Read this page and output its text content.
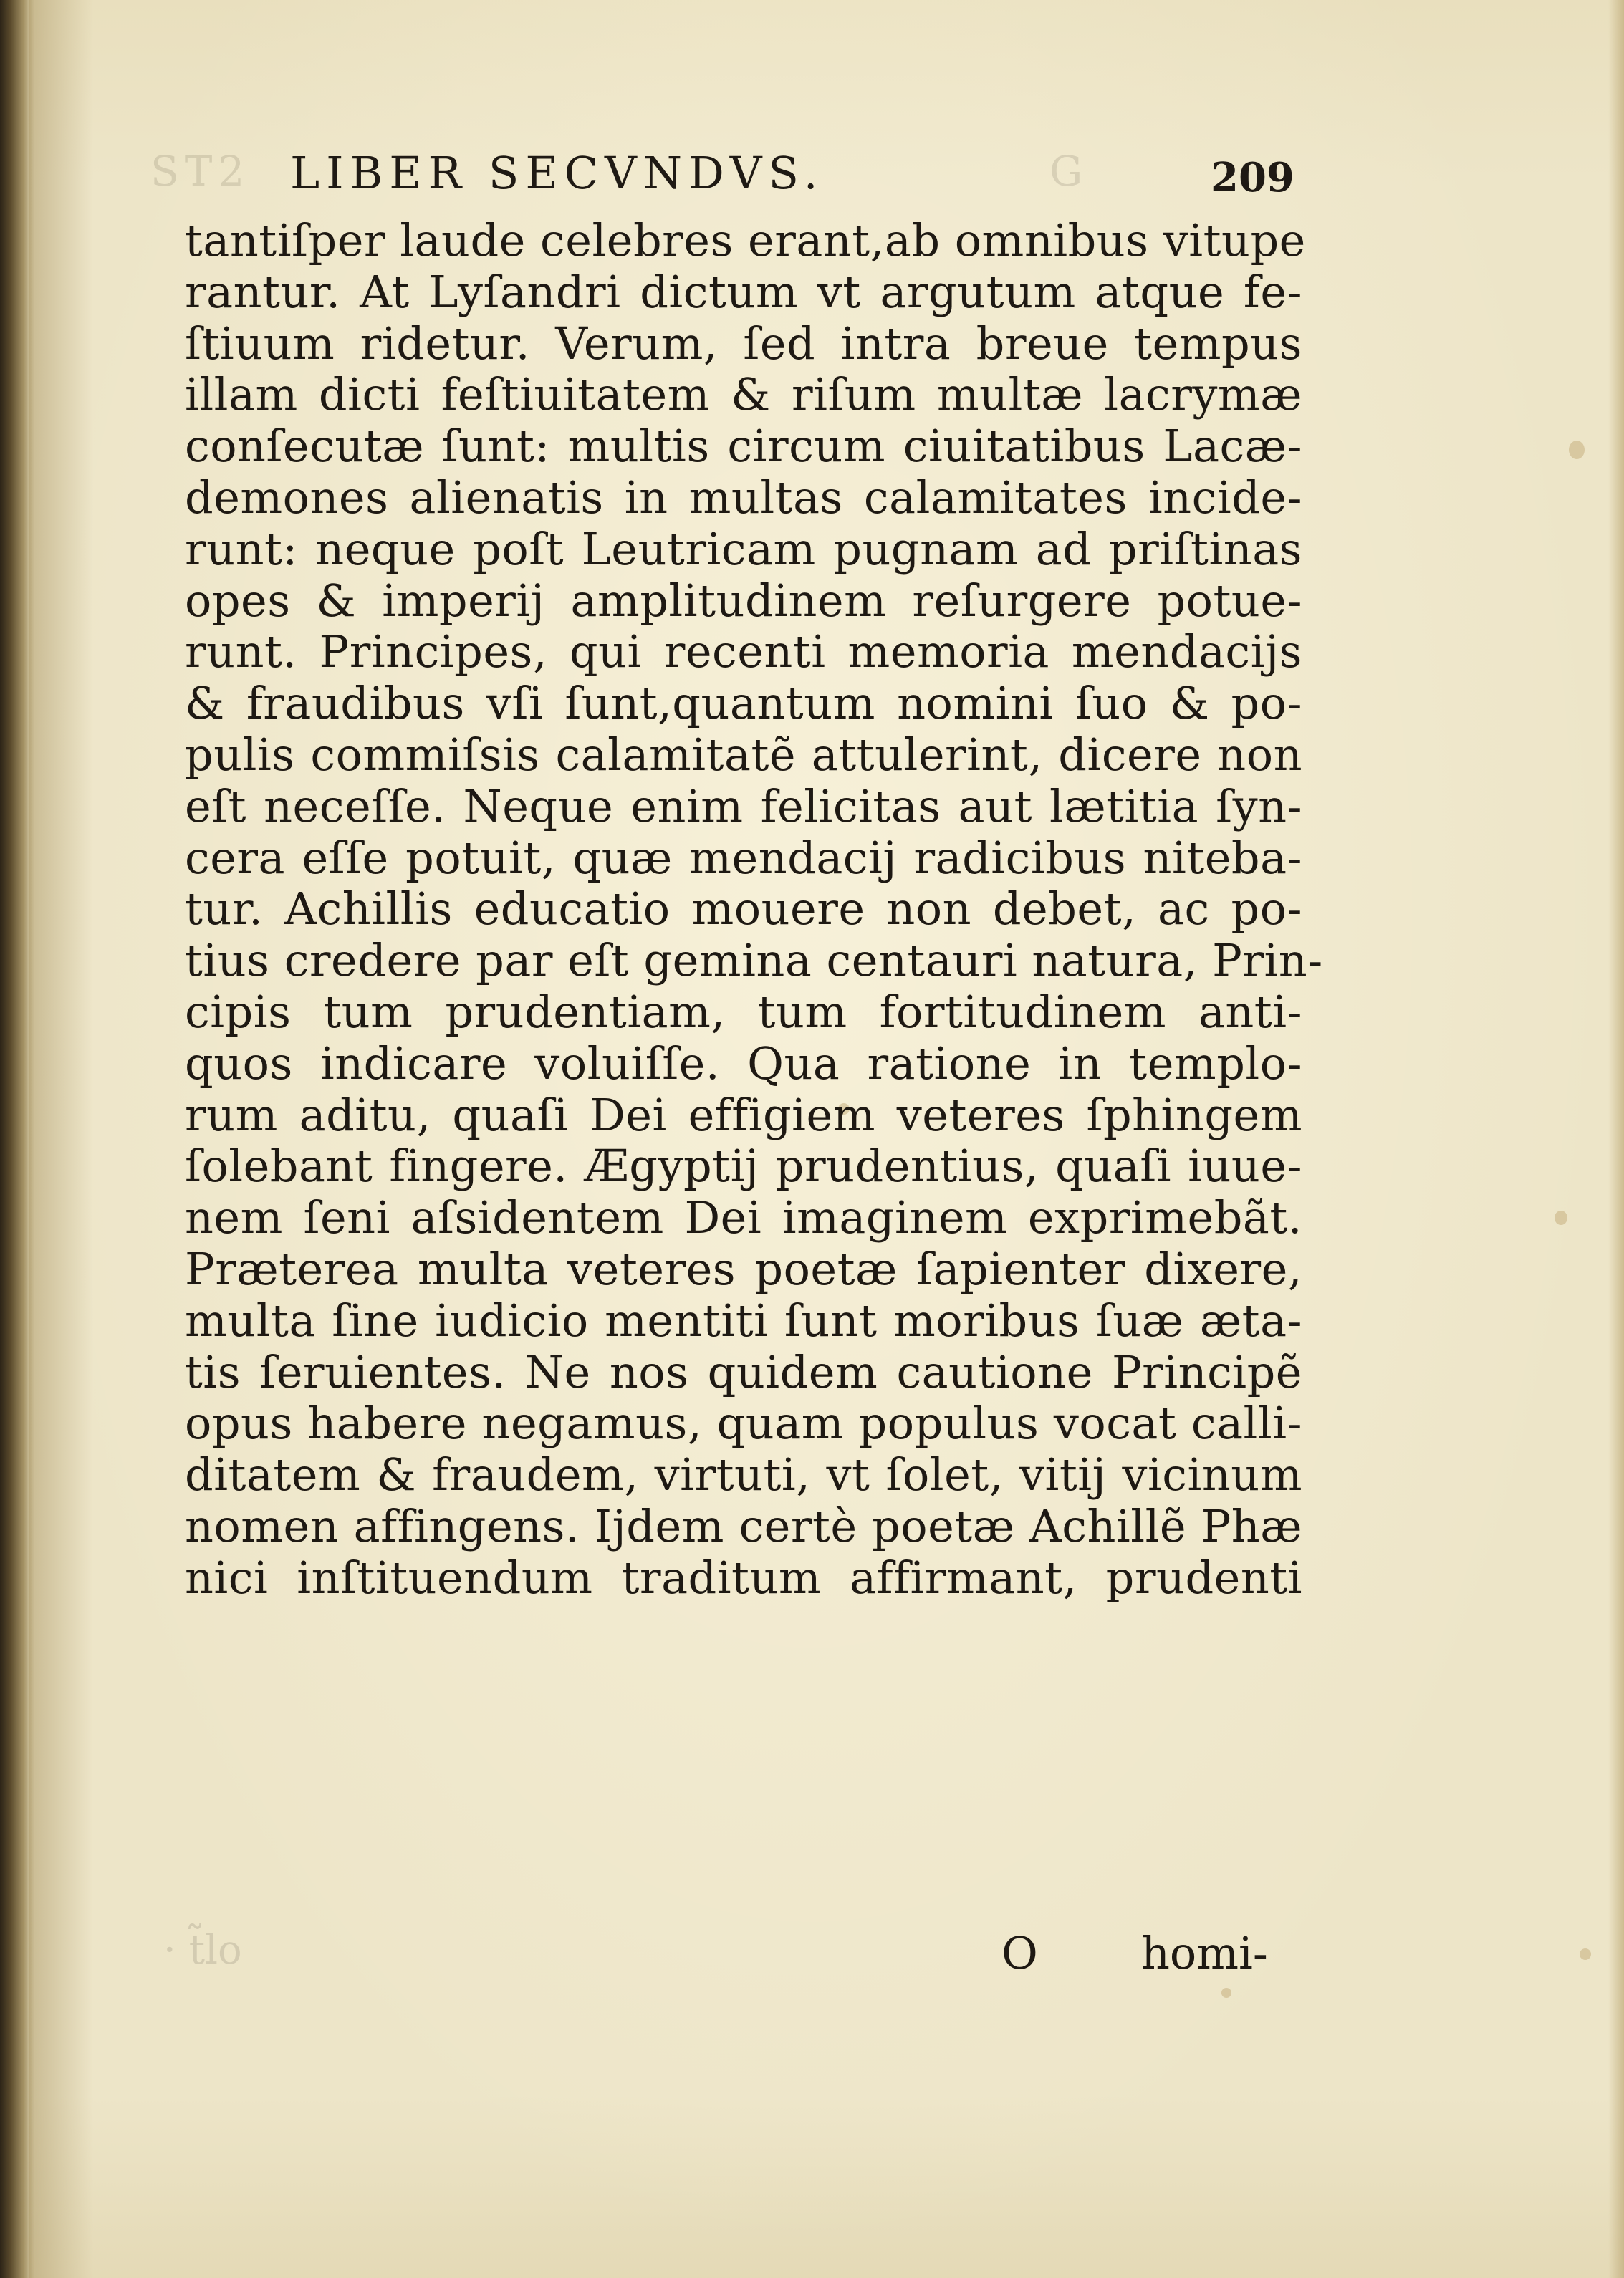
ST2 LIBER SECVNDVS.	G	209
tantiſper laude celebres erant,ab omnibus vitupe
rantur. At Lyſandri dictum vt argutum atque fe-
ſtiuum ridetur. Verum, ſed intra breue tempus
illam dicti feſtiuitatem & riſum multæ lacrymæ
conſecutæ ſunt: multis circum ciuitatibus Lacæ-
demones alienatis in multas calamitates incide-
runt: neque poſt Leutricam pugnam ad priſtinas
opes & imperij amplitudinem reſurgere potue-
runt. Principes, qui recenti memoria mendacijs
& fraudibus vſi ſunt,quantum nomini ſuo & po-
pulis commiſsis calamitatẽ attulerint, dicere non
eſt neceſſe. Neque enim felicitas aut lætitia ſyn-
cera eſſe potuit, quæ mendacij radicibus niteba-
tur. Achillis educatio mouere non debet, ac po-
tius credere par eſt gemina centauri natura, Prin-
cipis tum prudentiam, tum fortitudinem anti-
quos indicare voluiſſe. Qua ratione in templo-
rum aditu, quaſi Dei effigiem veteres ſphingem
ſolebant fingere. Ægyptij prudentius, quaſi iuue-
nem ſeni aſsidentem Dei imaginem exprimebãt.
Præterea multa veteres poetæ ſapienter dixere,
multa ſine iudicio mentiti ſunt moribus ſuæ æta-
tis ſeruientes. Ne nos quidem cautione Principẽ
opus habere negamus, quam populus vocat calli-
ditatem & fraudem, virtuti, vt ſolet, vitij vicinum
nomen affingens. Ijdem certè poetæ Achillẽ Phæ
nici inſtituendum traditum affirmant, prudenti
· t̃lo	O homi-
